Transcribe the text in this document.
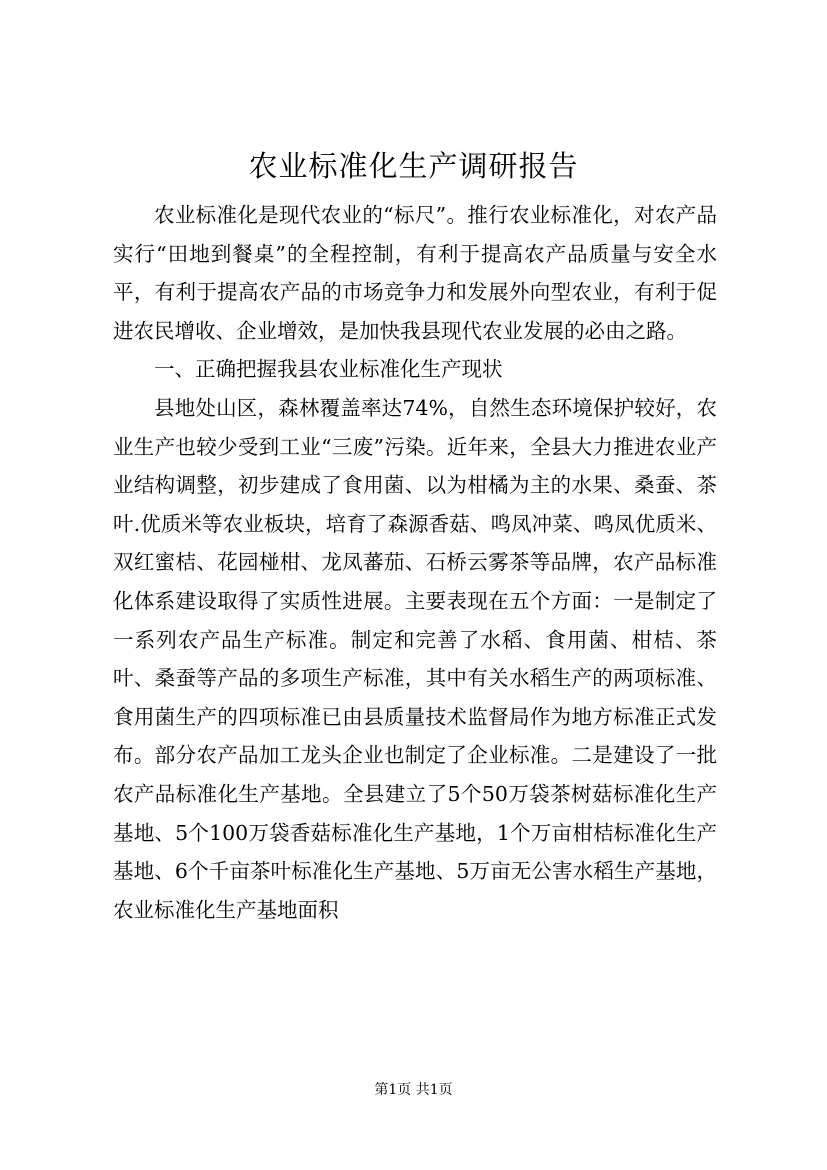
农业标准化生产调研报告

农业标准化是现代农业的“标尺”。推行农业标准化，对农产品实行“田地到餐桌”的全程控制，有利于提高农产品质量与安全水平，有利于提高农产品的市场竞争力和发展外向型农业，有利于促进农民增收、企业增效，是加快我县现代农业发展的必由之路。

一、正确把握我县农业标准化生产现状

县地处山区，森林覆盖率达74%，自然生态环境保护较好，农业生产也较少受到工业“三废”污染。近年来，全县大力推进农业产业结构调整，初步建成了食用菌、以为柑橘为主的水果、桑蚕、茶叶.优质米等农业板块，培育了森源香菇、鸣凤冲菜、鸣凤优质米、双红蜜桔、花园椪柑、龙凤蕃茄、石桥云雾茶等品牌，农产品标准化体系建设取得了实质性进展。主要表现在五个方面：一是制定了一系列农产品生产标准。制定和完善了水稻、食用菌、柑桔、茶叶、桑蚕等产品的多项生产标准，其中有关水稻生产的两项标准、食用菌生产的四项标准已由县质量技术监督局作为地方标准正式发布。部分农产品加工龙头企业也制定了企业标准。二是建设了一批农产品标准化生产基地。全县建立了5个50万袋茶树菇标准化生产基地、5个100万袋香菇标准化生产基地，1个万亩柑桔标准化生产基地、6个千亩茶叶标准化生产基地、5万亩无公害水稻生产基地，农业标准化生产基地面积

第1页 共1页
